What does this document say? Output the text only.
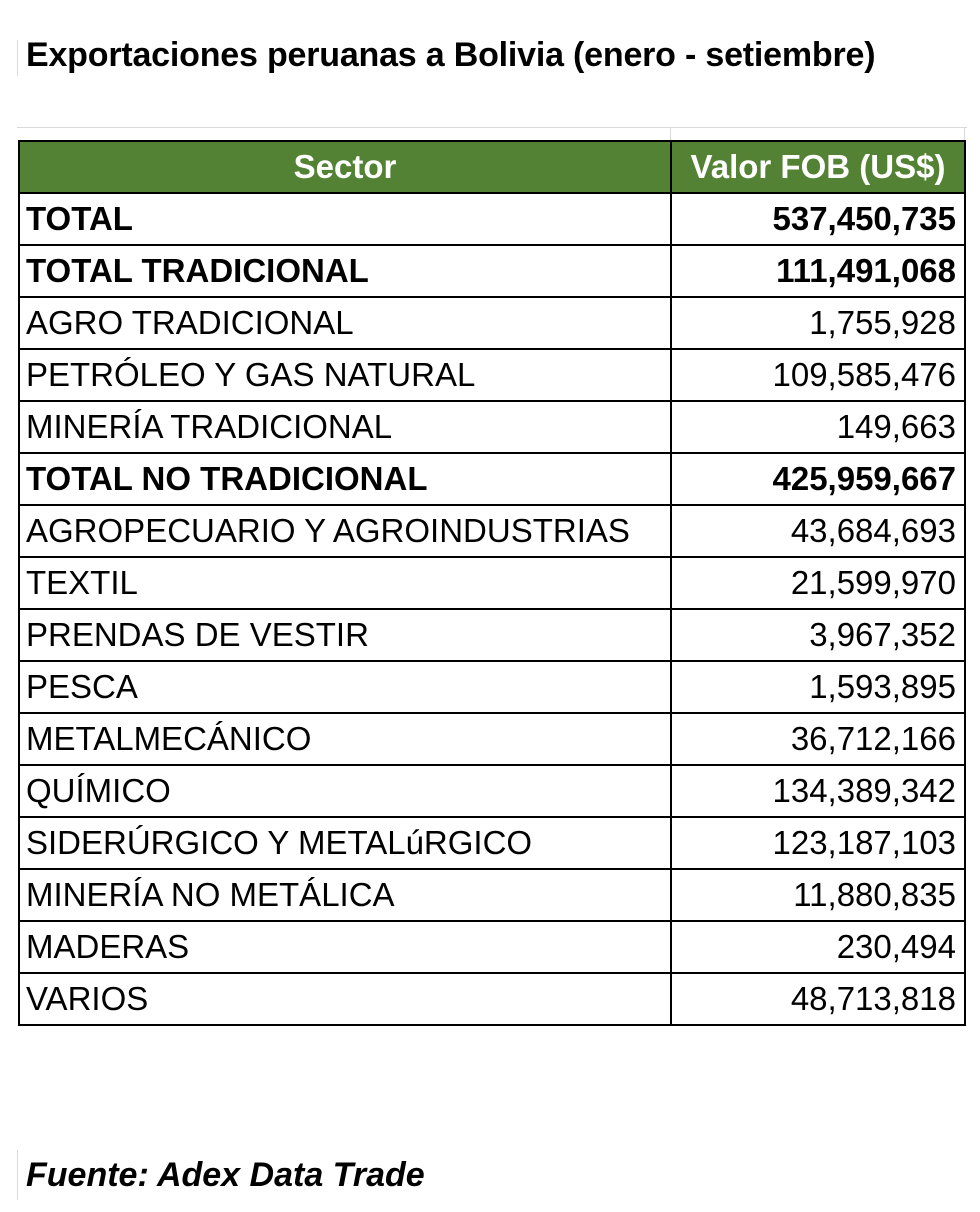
Exportaciones peruanas a Bolivia (enero - setiembre)
Sector	Valor FOB (US$)
TOTAL	537,450,735
TOTAL TRADICIONAL	111,491,068
AGRO TRADICIONAL	1,755,928
PETRÓLEO Y GAS NATURAL	109,585,476
MINERÍA TRADICIONAL	149,663
TOTAL NO TRADICIONAL	425,959,667
AGROPECUARIO Y AGROINDUSTRIAS	43,684,693
TEXTIL	21,599,970
PRENDAS DE VESTIR	3,967,352
PESCA	1,593,895
METALMECÁNICO	36,712,166
QUÍMICO	134,389,342
SIDERÚRGICO Y METALúRGICO	123,187,103
MINERÍA NO METÁLICA	11,880,835
MADERAS	230,494
VARIOS	48,713,818
Fuente: Adex Data Trade
